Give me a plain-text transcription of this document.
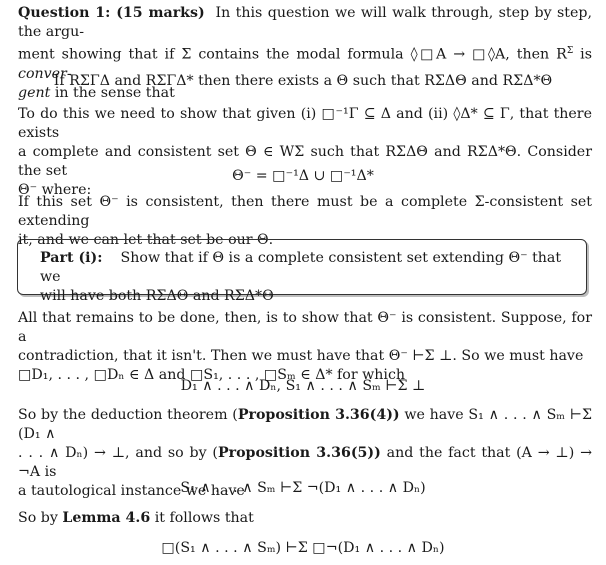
Question 1: (15 marks) In this question we will walk through, step by step, the argu-

ment showing that if Σ contains the modal formula ◊□A → □◊A, then $R^\Sigma$ is conver-

gent in the sense that

If RΣΓΔ and RΣΓΔ* then there exists a Θ such that RΣΔΘ and RΣΔ*Θ

To do this we need to show that given (i) □⁻¹Γ ⊆ Δ and (ii) ◊Δ* ⊆ Γ, that there exists

a complete and consistent set Θ ∈ WΣ such that RΣΔΘ and RΣΔ*Θ. Consider the set

Θ⁻ where:

Θ⁻ = □⁻¹Δ ∪ □⁻¹Δ*

If this set Θ⁻ is consistent, then there must be a complete Σ-consistent set extending

it, and we can let that set be our Θ.

Part (i): Show that if Θ is a complete consistent set extending Θ⁻ that we

will have both RΣΔΘ and RΣΔ*Θ

All that remains to be done, then, is to show that Θ⁻ is consistent. Suppose, for a

contradiction, that it isn't. Then we must have that Θ⁻ ⊢Σ ⊥. So we must have

□D₁, . . . , □Dₙ ∈ Δ and □S₁, . . . , □Sₘ ∈ Δ* for which

D₁ ∧ . . . ∧ Dₙ, S₁ ∧ . . . ∧ Sₘ ⊢Σ ⊥

So by the deduction theorem (Proposition 3.36(4)) we have S₁ ∧ . . . ∧ Sₘ ⊢Σ (D₁ ∧

. . . ∧ Dₙ) → ⊥, and so by (Proposition 3.36(5)) and the fact that (A → ⊥) → ¬A is

a tautological instance we have

S₁ ∧ . . . ∧ Sₘ ⊢Σ ¬(D₁ ∧ . . . ∧ Dₙ)

So by Lemma 4.6 it follows that

□(S₁ ∧ . . . ∧ Sₘ) ⊢Σ □¬(D₁ ∧ . . . ∧ Dₙ)
